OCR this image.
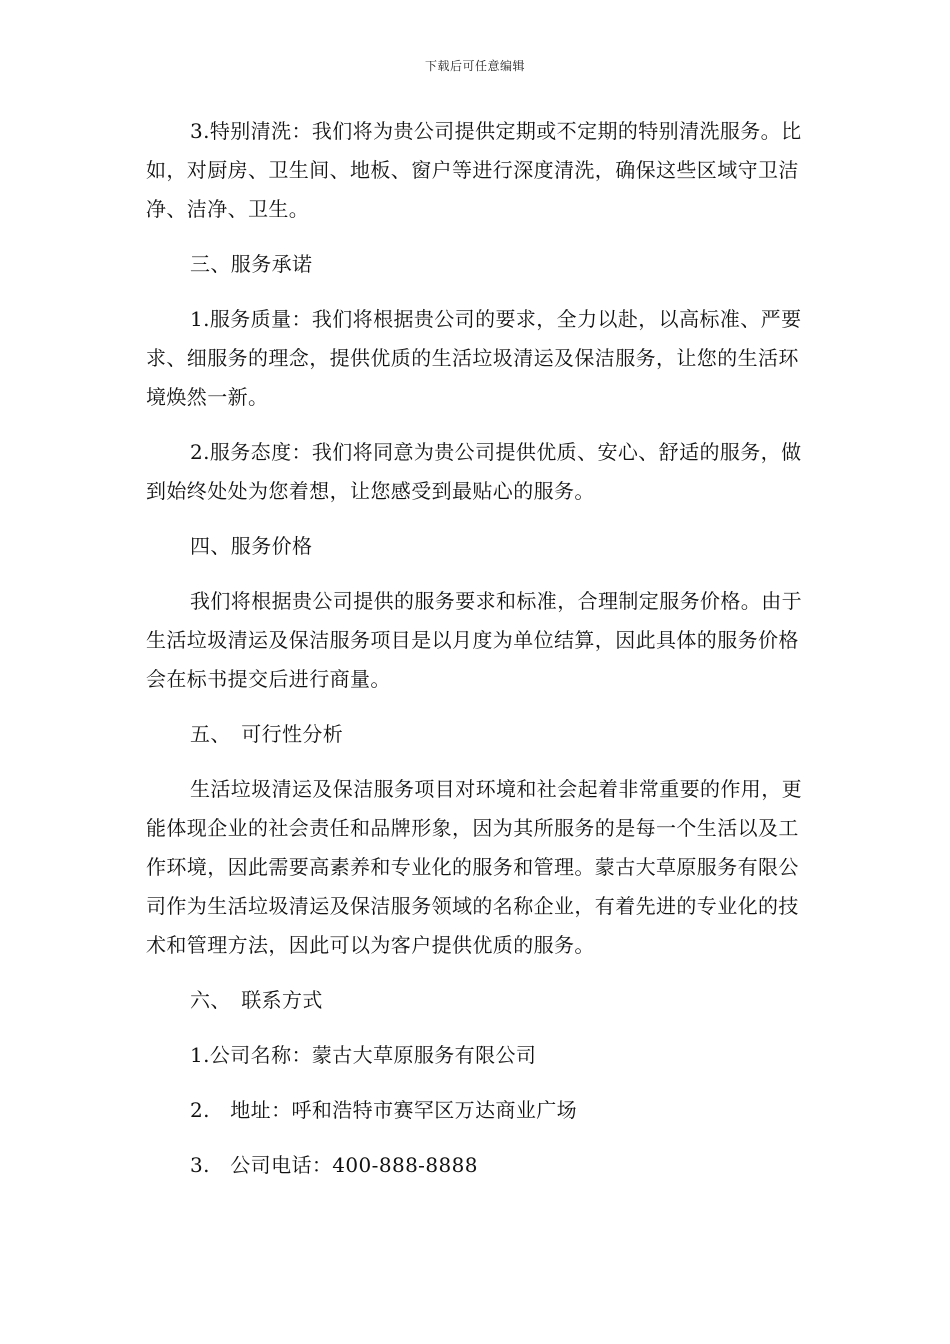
下载后可任意编辑

3.特别清洗：我们将为贵公司提供定期或不定期的特别清洗服务。比如，对厨房、卫生间、地板、窗户等进行深度清洗，确保这些区域守卫洁净、洁净、卫生。

三、服务承诺

1.服务质量：我们将根据贵公司的要求，全力以赴，以高标准、严要求、细服务的理念，提供优质的生活垃圾清运及保洁服务，让您的生活环境焕然一新。

2.服务态度：我们将同意为贵公司提供优质、安心、舒适的服务，做到始终处处为您着想，让您感受到最贴心的服务。

四、服务价格

我们将根据贵公司提供的服务要求和标准，合理制定服务价格。由于生活垃圾清运及保洁服务项目是以月度为单位结算，因此具体的服务价格会在标书提交后进行商量。

五、　可行性分析

生活垃圾清运及保洁服务项目对环境和社会起着非常重要的作用，更能体现企业的社会责任和品牌形象，因为其所服务的是每一个生活以及工作环境，因此需要高素养和专业化的服务和管理。蒙古大草原服务有限公司作为生活垃圾清运及保洁服务领域的名称企业，有着先进的专业化的技术和管理方法，因此可以为客户提供优质的服务。

六、　联系方式

1.公司名称：蒙古大草原服务有限公司

2.　地址：呼和浩特市赛罕区万达商业广场

3.　公司电话：400-888-8888
